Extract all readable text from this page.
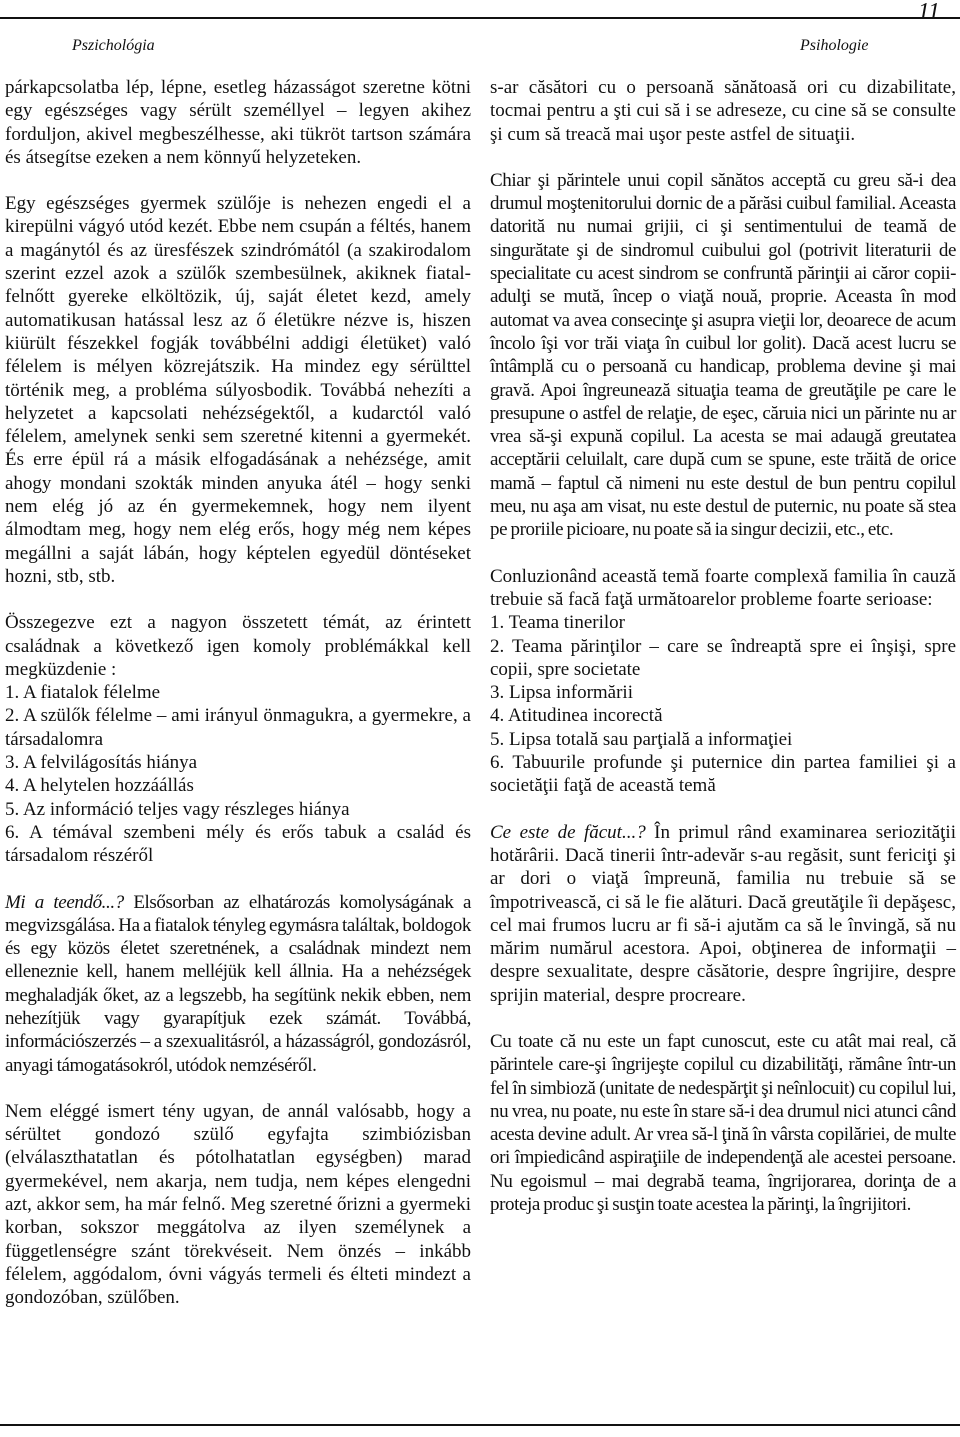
11
Pszichológia	Psihologie

párkapcsolatba lép, lépne, esetleg házasságot szeretne kötni egy egészséges vagy sérült személlyel – legyen akihez forduljon, akivel megbeszélhesse, aki tükröt tartson számára és átsegítse ezeken a nem könnyű helyzeteken.

Egy egészséges gyermek szülője is nehezen engedi el a kirepülni vágyó utód kezét. Ebbe nem csupán a féltés, hanem a magánytól és az üresfészek szindrómától (a szakirodalom szerint ezzel azok a szülők szembesülnek, akiknek fiatal-felnőtt gyereke elköltözik, új, saját életet kezd, amely automatikusan hatással lesz az ő életükre nézve is, hiszen kiürült fészekkel fogják továbbélni addigi életüket) való félelem is mélyen közrejátszik. Ha mindez egy sérülttel történik meg, a probléma súlyosbodik. Továbbá nehezíti a helyzetet a kapcsolati nehézségektől, a kudarctól való félelem, amelynek senki sem szeretné kitenni a gyermekét. És erre épül rá a másik elfogadásának a nehézsége, amit ahogy mondani szokták minden anyuka átél – hogy senki nem elég jó az én gyermekemnek, hogy nem ilyent álmodtam meg, hogy nem elég erős, hogy még nem képes megállni a saját lábán, hogy képtelen egyedül döntéseket hozni, stb, stb.

Összegezve ezt a nagyon összetett témát, az érintett családnak a következő igen komoly problémákkal kell megküzdenie :
1. A fiatalok félelme
2. A szülők félelme – ami irányul önmagukra, a gyermekre, a társadalomra
3. A felvilágosítás hiánya
4. A helytelen hozzáállás
5. Az információ teljes vagy részleges hiánya
6. A témával szembeni mély és erős tabuk a család és társadalom részéről

Mi a teendő...? Elsősorban az elhatározás komolyságának a megvizsgálása. Ha a fiatalok tényleg egymásra találtak, boldogok és egy közös életet szeretnének, a családnak mindezt nem elleneznie kell, hanem melléjük kell állnia. Ha a nehézségek meghaladják őket, az a legszebb, ha segítünk nekik ebben, nem nehezítjük vagy gyarapítjuk ezek számát. Továbbá, információszerzés – a szexualitásról, a házasságról, gondozásról, anyagi támogatásokról, utódok nemzéséről.

Nem eléggé ismert tény ugyan, de annál valósabb, hogy a sérültet gondozó szülő egyfajta szimbiózisban (elválaszthatatlan és pótolhatatlan egységben) marad gyermekével, nem akarja, nem tudja, nem képes elengedni azt, akkor sem, ha már felnő. Meg szeretné őrizni a gyermeki korban, sokszor meggátolva az ilyen személynek a függetlenségre szánt törekvéseit. Nem önzés – inkább félelem, aggódalom, óvni vágyás termeli és élteti mindezt a gondozóban, szülőben.

s-ar căsători cu o persoană sănătoasă ori cu dizabilitate, tocmai pentru a şti cui să i se adreseze, cu cine să se consulte şi cum să treacă mai uşor peste astfel de situaţii.

Chiar şi părintele unui copil sănătos acceptă cu greu să-i dea drumul moştenitorului dornic de a părăsi cuibul familial. Aceasta datorită nu numai grijii, ci şi sentimentului de teamă de singurătate şi de sindromul cuibului gol (potrivit literaturii de specialitate cu acest sindrom se confruntă părinţii ai căror copii-adulţi se mută, încep o viaţă nouă, proprie. Aceasta în mod automat va avea consecinţe şi asupra vieţii lor, deoarece de acum încolo îşi vor trăi viaţa în cuibul lor golit). Dacă acest lucru se întâmplă cu o persoană cu handicap, problema devine şi mai gravă. Apoi îngreunează situaţia teama de greutăţile pe care le presupune o astfel de relaţie, de eşec, căruia nici un părinte nu ar vrea să-şi expună copilul. La acesta se mai adaugă greutatea acceptării celuilalt, care după cum se spune, este trăită de orice mamă – faptul că nimeni nu este destul de bun pentru copilul meu, nu aşa am visat, nu este destul de puternic, nu poate să stea pe proriile picioare, nu poate să ia singur decizii, etc., etc.

Conluzionând această temă foarte complexă familia în cauză trebuie să facă faţă următoarelor probleme foarte serioase:
1. Teama tinerilor
2. Teama părinţilor – care se îndreaptă spre ei înşişi, spre copii, spre societate
3. Lipsa informării
4. Atitudinea incorectă
5. Lipsa totală sau parţială a informaţiei
6. Tabuurile profunde şi puternice din partea familiei şi a societăţii faţă de această temă

Ce este de făcut...? În primul rând examinarea seriozităţii hotărârii. Dacă tinerii într-adevăr s-au regăsit, sunt fericiţi şi ar dori o viaţă împreună, familia nu trebuie să se împotrivească, ci să le fie alături. Dacă greutăţile îi depăşesc, cel mai frumos lucru ar fi să-i ajutăm ca să le învingă, să nu mărim numărul acestora. Apoi, obţinerea de informaţii – despre sexualitate, despre căsătorie, despre îngrijire, despre sprijin material, despre procreare.

Cu toate că nu este un fapt cunoscut, este cu atât mai real, că părintele care-şi îngrijeşte copilul cu dizabilităţi, rămâne într-un fel în simbioză (unitate de nedespărţit şi neînlocuit) cu copilul lui, nu vrea, nu poate, nu este în stare să-i dea drumul nici atunci când acesta devine adult. Ar vrea să-l ţină în vârsta copilăriei, de multe ori împiedicând aspiraţiile de independenţă ale acestei persoane. Nu egoismul – mai degrabă teama, îngrijorarea, dorinţa de a proteja produc şi susţin toate acestea la părinţi, la îngrijitori.
